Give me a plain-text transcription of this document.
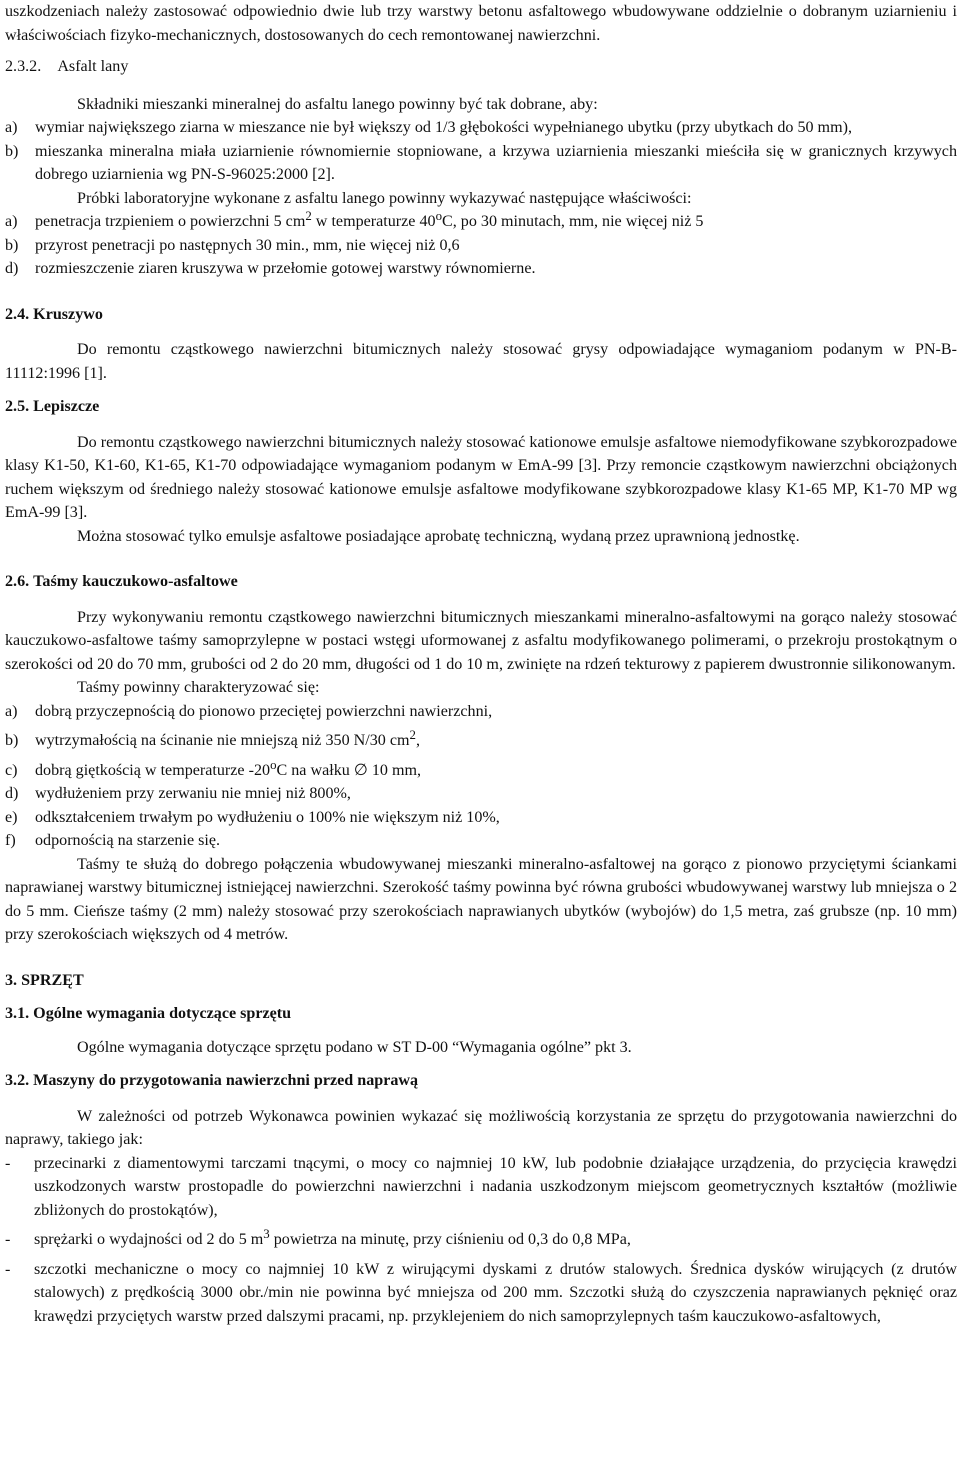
uszkodzeniach należy zastosować odpowiednio dwie lub trzy warstwy betonu asfaltowego wbudowywane oddzielnie o dobranym uziarnieniu i właściwościach fizyko-mechanicznych, dostosowanych do cech remontowanej nawierzchni.

2.3.2. Asfalt lany

Składniki mieszanki mineralnej do asfaltu lanego powinny być tak dobrane, aby:

a)	wymiar największego ziarna w mieszance nie był większy od 1/3 głębokości wypełnianego ubytku (przy ubytkach do 50 mm),
b)	mieszanka mineralna miała uziarnienie równomiernie stopniowane, a krzywa uziarnienia mieszanki mieściła się w granicznych krzywych dobrego uziarnienia wg PN-S-96025:2000 [2].

Próbki laboratoryjne wykonane z asfaltu lanego powinny wykazywać następujące właściwości:

a)	penetracja trzpieniem o powierzchni 5 $cm^2$ w temperaturze 40$^o$C, po 30 minutach, mm, nie więcej niż 5
b)	przyrost penetracji po następnych 30 min., mm, nie więcej niż 0,6
d)	rozmieszczenie ziaren kruszywa w przełomie gotowej warstwy równomierne.
2.4. Kruszywo

Do remontu cząstkowego nawierzchni bitumicznych należy stosować grysy odpowiadające wymaganiom podanym w PN-B-11112:1996 [1].

2.5. Lepiszcze

Do remontu cząstkowego nawierzchni bitumicznych należy stosować kationowe emulsje asfaltowe niemodyfikowane szybkorozpadowe klasy K1-50, K1-60, K1-65, K1-70 odpowiadające wymaganiom podanym w EmA-99 [3]. Przy remoncie cząstkowym nawierzchni obciążonych ruchem większym od średniego należy stosować kationowe emulsje asfaltowe modyfikowane szybkorozpadowe klasy K1-65 MP, K1-70 MP wg EmA-99 [3].

Można stosować tylko emulsje asfaltowe posiadające aprobatę techniczną, wydaną przez uprawnioną jednostkę.

2.6. Taśmy kauczukowo-asfaltowe

Przy wykonywaniu remontu cząstkowego nawierzchni bitumicznych mieszankami mineralno-asfaltowymi na gorąco należy stosować kauczukowo-asfaltowe taśmy samoprzylepne w postaci wstęgi uformowanej z asfaltu modyfikowanego polimerami, o przekroju prostokątnym o szerokości od 20 do 70 mm, grubości od 2 do 20 mm, długości od 1 do 10 m, zwinięte na rdzeń tekturowy z papierem dwustronnie silikonowanym.

Taśmy powinny charakteryzować się:

a)	dobrą przyczepnością do pionowo przeciętej powierzchni nawierzchni,
b)	wytrzymałością na ścinanie nie mniejszą niż 350 N/30 $cm^2$,
c)	dobrą giętkością w temperaturze -20$^o$C na wałku ∅ 10 mm,
d)	wydłużeniem przy zerwaniu nie mniej niż 800%,
e)	odkształceniem trwałym po wydłużeniu o 100% nie większym niż 10%,
f)	odpornością na starzenie się.

Taśmy te służą do dobrego połączenia wbudowywanej mieszanki mineralno-asfaltowej na gorąco z pionowo przyciętymi ściankami naprawianej warstwy bitumicznej istniejącej nawierzchni. Szerokość taśmy powinna być równa grubości wbudowywanej warstwy lub mniejsza o 2 do 5 mm. Cieńsze taśmy (2 mm) należy stosować przy szerokościach naprawianych ubytków (wybojów) do 1,5 metra, zaś grubsze (np. 10 mm) przy szerokościach większych od 4 metrów.

3. SPRZĘT
3.1. Ogólne wymagania dotyczące sprzętu

Ogólne wymagania dotyczące sprzętu podano w ST D-00 “Wymagania ogólne” pkt 3.

3.2. Maszyny do przygotowania nawierzchni przed naprawą

W zależności od potrzeb Wykonawca powinien wykazać się możliwością korzystania ze sprzętu do przygotowania nawierzchni do naprawy, takiego jak:

-	przecinarki z diamentowymi tarczami tnącymi, o mocy co najmniej 10 kW, lub podobnie działające urządzenia, do przycięcia krawędzi uszkodzonych warstw prostopadle do powierzchni nawierzchni i nadania uszkodzonym miejscom geometrycznych kształtów (możliwie zbliżonych do prostokątów),
-	sprężarki o wydajności od 2 do 5 $m^3$ powietrza na minutę, przy ciśnieniu od 0,3 do 0,8 MPa,
-	szczotki mechaniczne o mocy co najmniej 10 kW z wirującymi dyskami z drutów stalowych. Średnica dysków wirujących (z drutów stalowych) z prędkością 3000 obr./min nie powinna być mniejsza od 200 mm. Szczotki służą do czyszczenia naprawianych pęknięć oraz krawędzi przyciętych warstw przed dalszymi pracami, np. przyklejeniem do nich samoprzylepnych taśm kauczukowo-asfaltowych,
